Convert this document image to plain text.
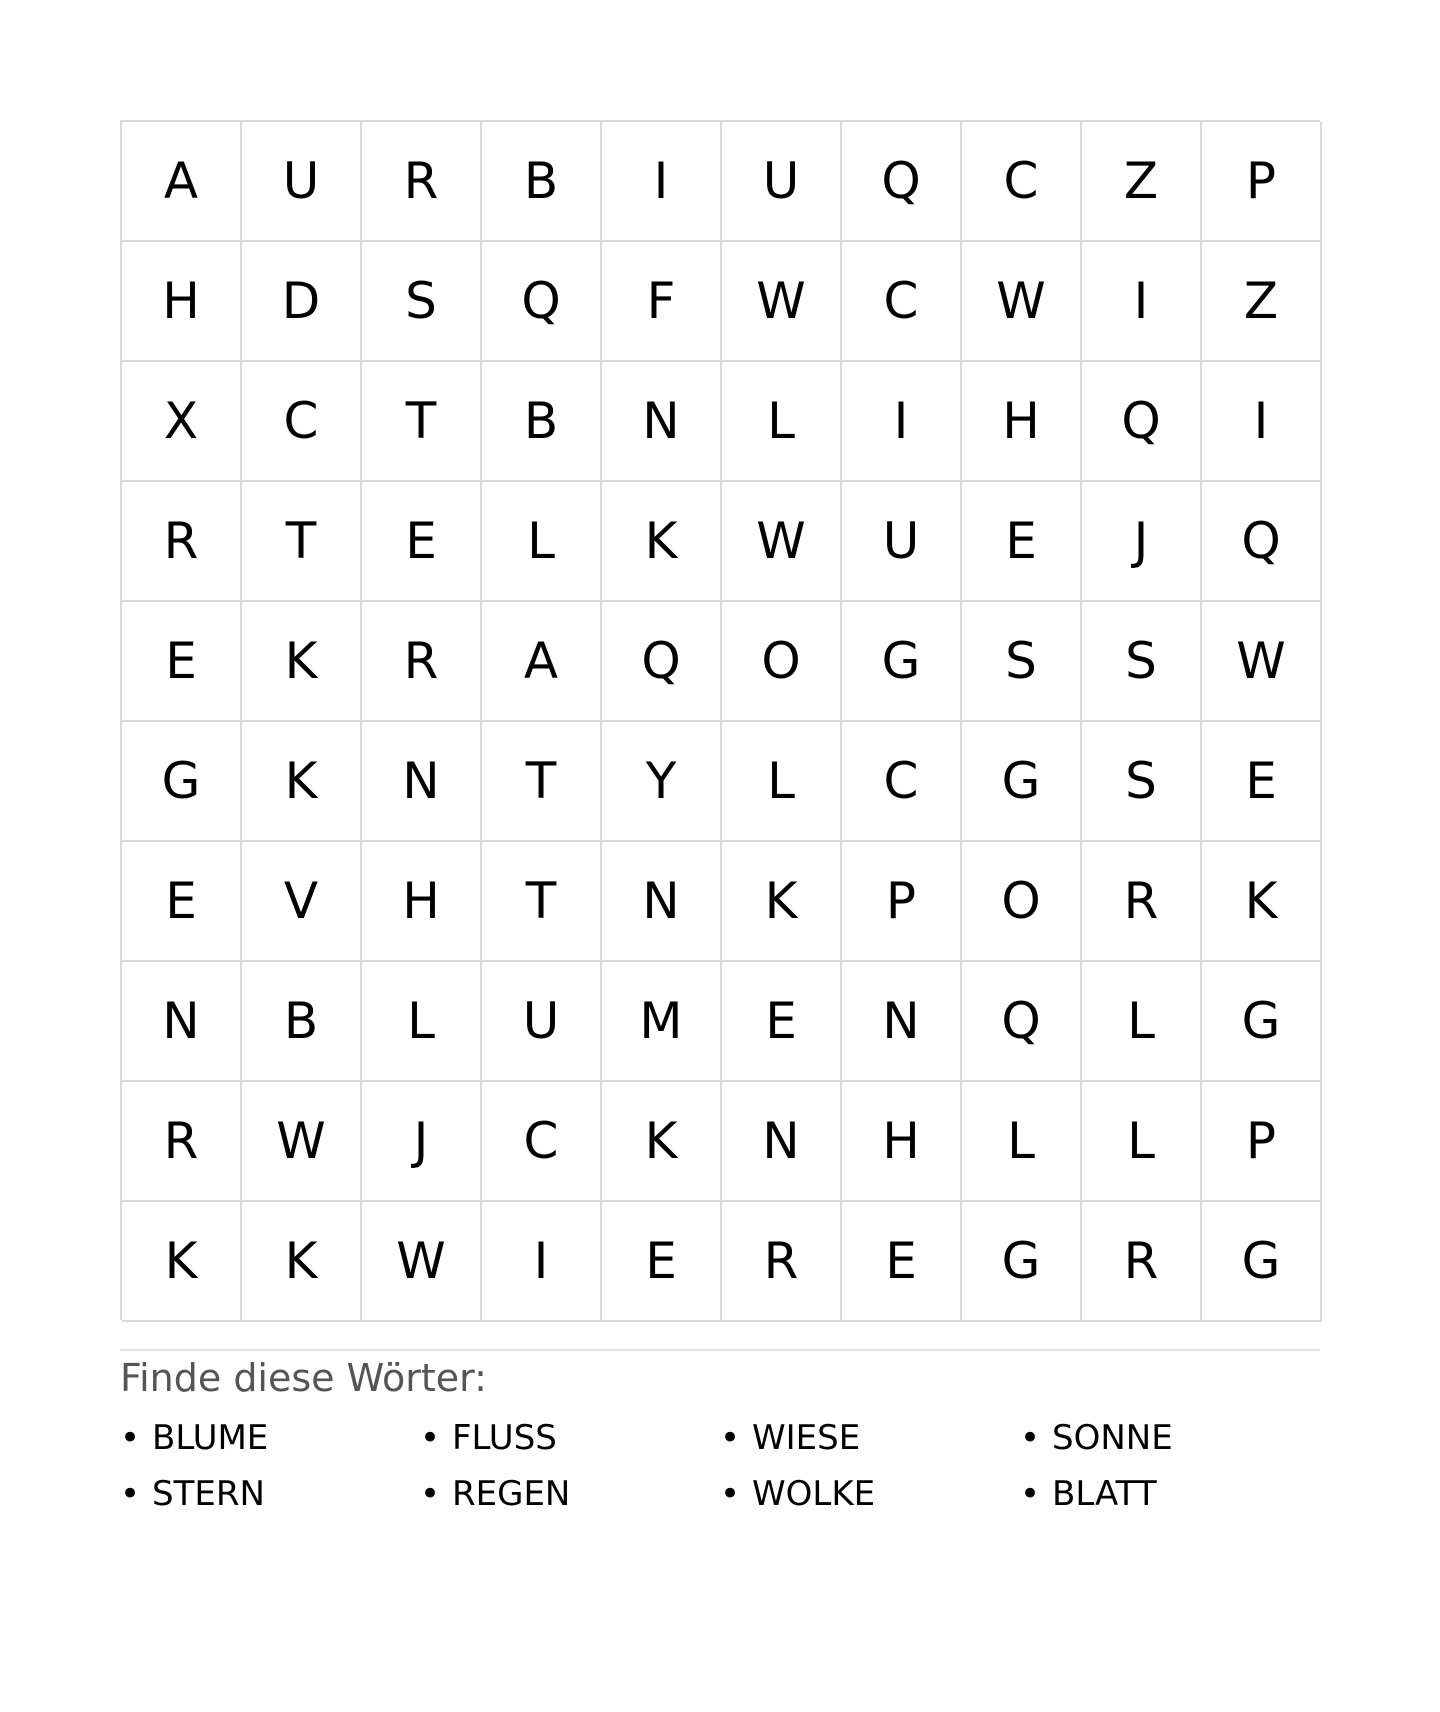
A	U	R	B	I	U	Q	C	Z	P
H	D	S	Q	F	W	C	W	I	Z
X	C	T	B	N	L	I	H	Q	I
R	T	E	L	K	W	U	E	J	Q
E	K	R	A	Q	O	G	S	S	W
G	K	N	T	Y	L	C	G	S	E
E	V	H	T	N	K	P	O	R	K
N	B	L	U	M	E	N	Q	L	G
R	W	J	C	K	N	H	L	L	P
K	K	W	I	E	R	E	G	R	G
Finde diese Wörter:
• BLUME	• FLUSS	• WIESE	• SONNE
• STERN	• REGEN	• WOLKE	• BLATT
